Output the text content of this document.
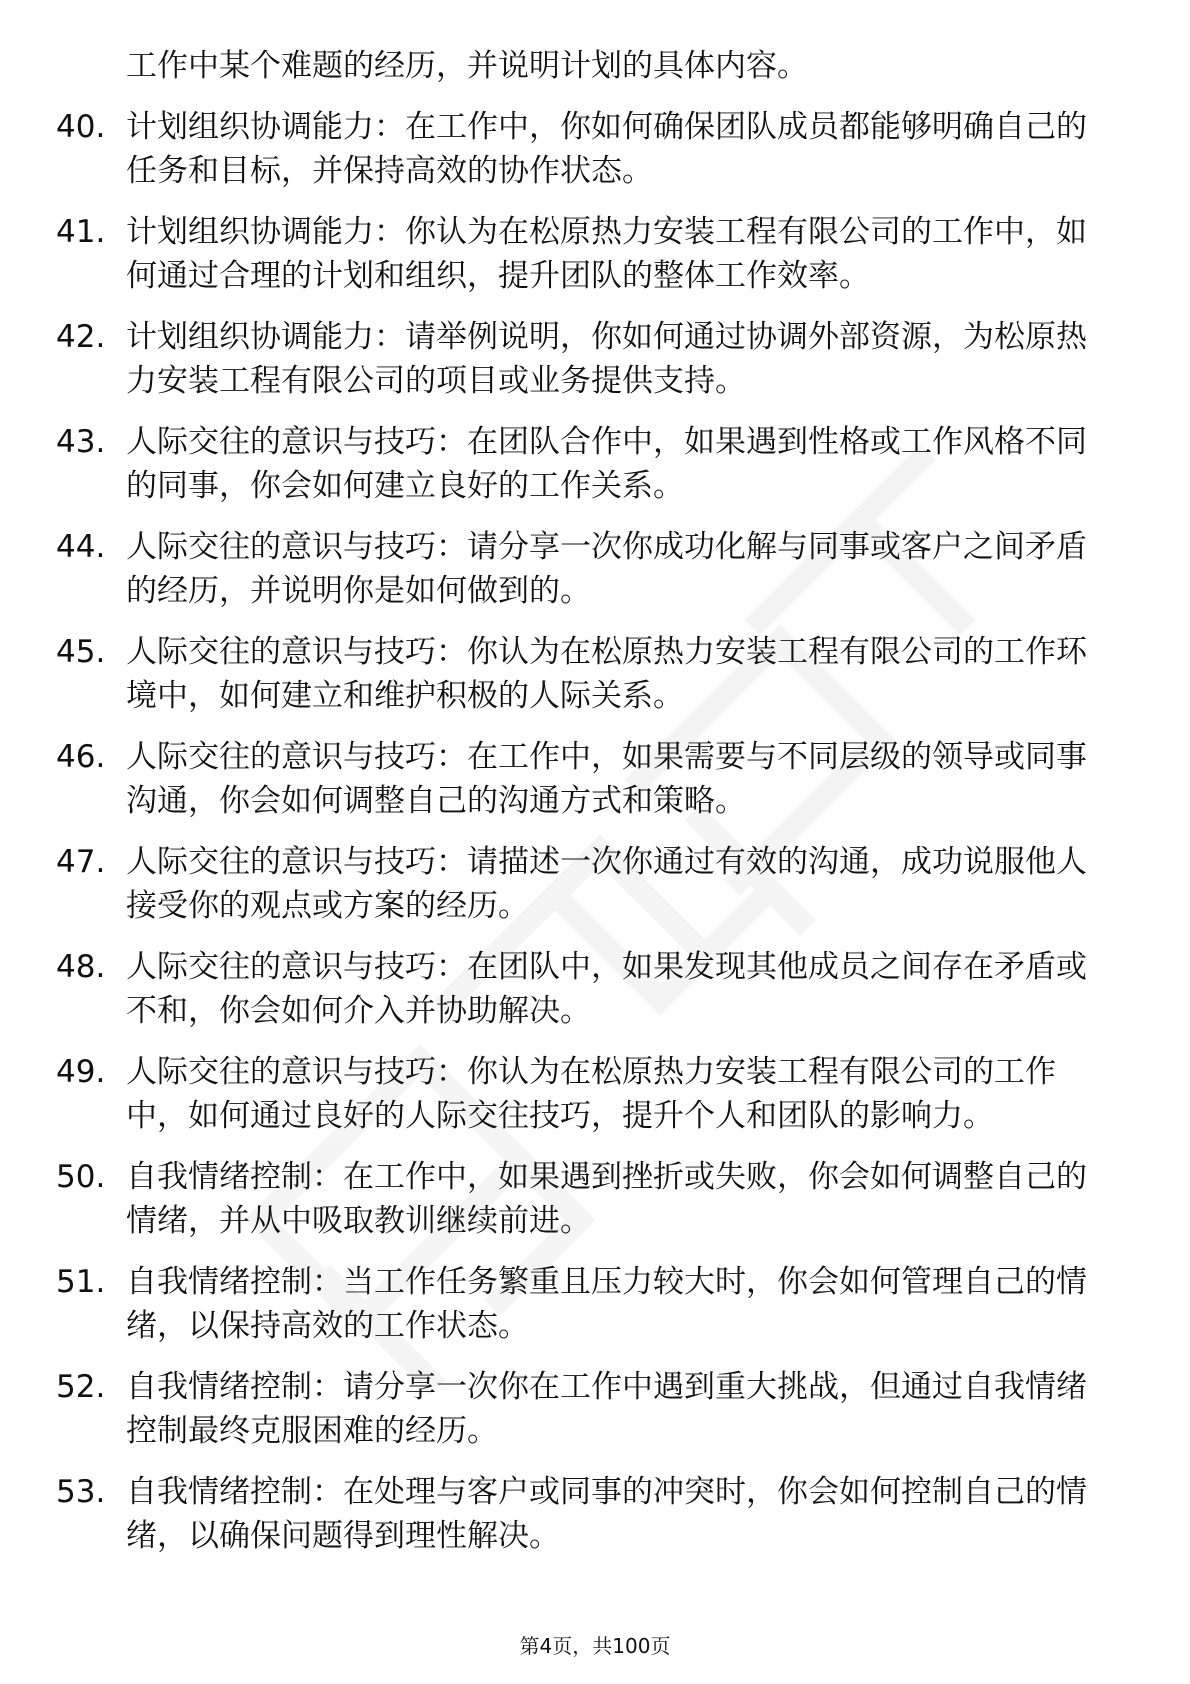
工作中某个难题的经历，并说明计划的具体内容。
40. 计划组织协调能力：在工作中，你如何确保团队成员都能够明确自己的任务和目标，并保持高效的协作状态。
41. 计划组织协调能力：你认为在松原热力安装工程有限公司的工作中，如何通过合理的计划和组织，提升团队的整体工作效率。
42. 计划组织协调能力：请举例说明，你如何通过协调外部资源，为松原热力安装工程有限公司的项目或业务提供支持。
43. 人际交往的意识与技巧：在团队合作中，如果遇到性格或工作风格不同的同事，你会如何建立良好的工作关系。
44. 人际交往的意识与技巧：请分享一次你成功化解与同事或客户之间矛盾的经历，并说明你是如何做到的。
45. 人际交往的意识与技巧：你认为在松原热力安装工程有限公司的工作环境中，如何建立和维护积极的人际关系。
46. 人际交往的意识与技巧：在工作中，如果需要与不同层级的领导或同事沟通，你会如何调整自己的沟通方式和策略。
47. 人际交往的意识与技巧：请描述一次你通过有效的沟通，成功说服他人接受你的观点或方案的经历。
48. 人际交往的意识与技巧：在团队中，如果发现其他成员之间存在矛盾或不和，你会如何介入并协助解决。
49. 人际交往的意识与技巧：你认为在松原热力安装工程有限公司的工作中，如何通过良好的人际交往技巧，提升个人和团队的影响力。
50. 自我情绪控制：在工作中，如果遇到挫折或失败，你会如何调整自己的情绪，并从中吸取教训继续前进。
51. 自我情绪控制：当工作任务繁重且压力较大时，你会如何管理自己的情绪，以保持高效的工作状态。
52. 自我情绪控制：请分享一次你在工作中遇到重大挑战，但通过自我情绪控制最终克服困难的经历。
53. 自我情绪控制：在处理与客户或同事的冲突时，你会如何控制自己的情绪，以确保问题得到理性解决。
第4页，共100页
